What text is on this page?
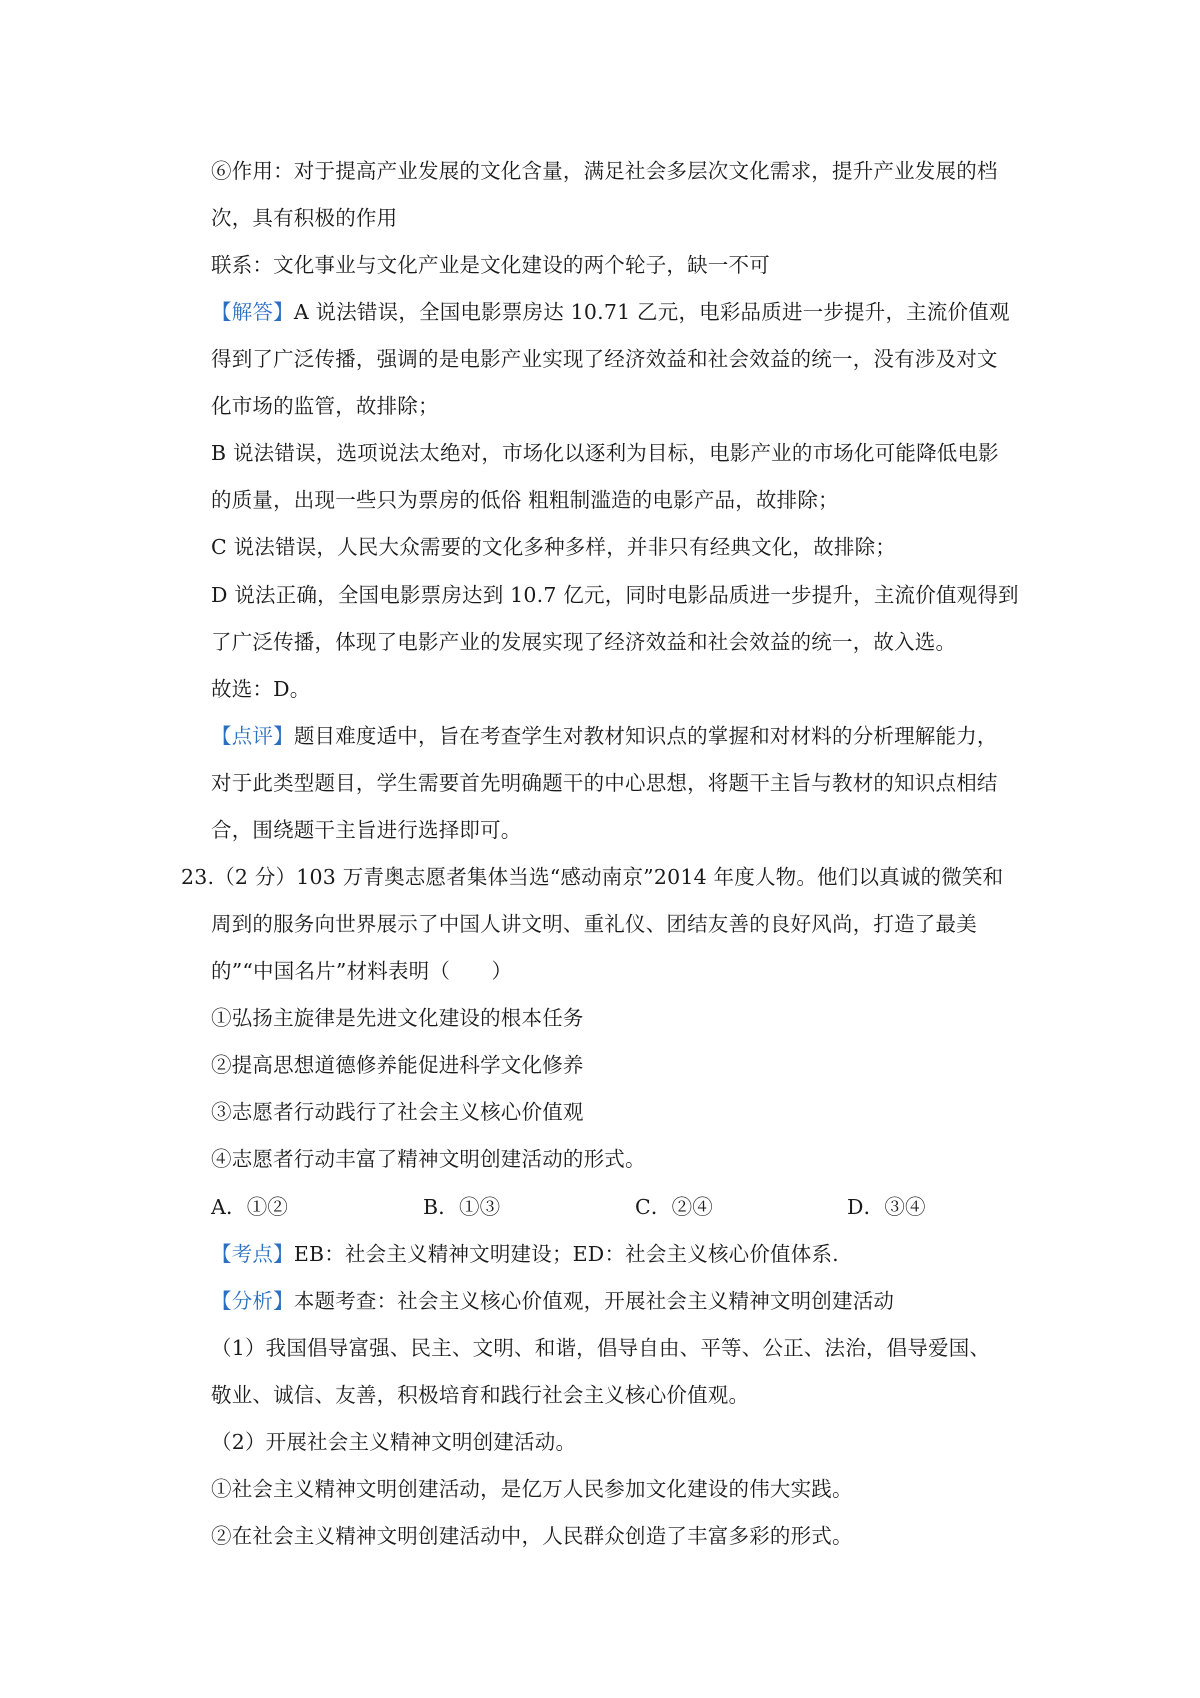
⑥作用：对于提高产业发展的文化含量，满足社会多层次文化需求，提升产业发展的档
次，具有积极的作用
联系：文化事业与文化产业是文化建设的两个轮子，缺一不可
【解答】A 说法错误，全国电影票房达 10.71 乙元，电彩品质进一步提升，主流价值观
得到了广泛传播，强调的是电影产业实现了经济效益和社会效益的统一，没有涉及对文
化市场的监管，故排除；
B 说法错误，选项说法太绝对，市场化以逐利为目标，电影产业的市场化可能降低电影
的质量，出现一些只为票房的低俗 粗粗制滥造的电影产品，故排除；
C 说法错误，人民大众需要的文化多种多样，并非只有经典文化，故排除；
D 说法正确，全国电影票房达到 10.7 亿元，同时电影品质进一步提升，主流价值观得到
了广泛传播，体现了电影产业的发展实现了经济效益和社会效益的统一，故入选。
故选：D。
【点评】题目难度适中，旨在考查学生对教材知识点的掌握和对材料的分析理解能力，
对于此类型题目，学生需要首先明确题干的中心思想，将题干主旨与教材的知识点相结
合，围绕题干主旨进行选择即可。
23.（2 分）103 万青奥志愿者集体当选“感动南京”2014 年度人物。他们以真诚的微笑和
周到的服务向世界展示了中国人讲文明、重礼仪、团结友善的良好风尚，打造了最美
的”“中国名片”材料表明（　　）
①弘扬主旋律是先进文化建设的根本任务
②提高思想道德修养能促进科学文化修养
③志愿者行动践行了社会主义核心价值观
④志愿者行动丰富了精神文明创建活动的形式。
A．①②	B．①③	C．②④	D．③④
【考点】EB：社会主义精神文明建设；ED：社会主义核心价值体系.
【分析】本题考查：社会主义核心价值观，开展社会主义精神文明创建活动
（1）我国倡导富强、民主、文明、和谐，倡导自由、平等、公正、法治，倡导爱国、
敬业、诚信、友善，积极培育和践行社会主义核心价值观。
（2）开展社会主义精神文明创建活动。
①社会主义精神文明创建活动，是亿万人民参加文化建设的伟大实践。
②在社会主义精神文明创建活动中，人民群众创造了丰富多彩的形式。
